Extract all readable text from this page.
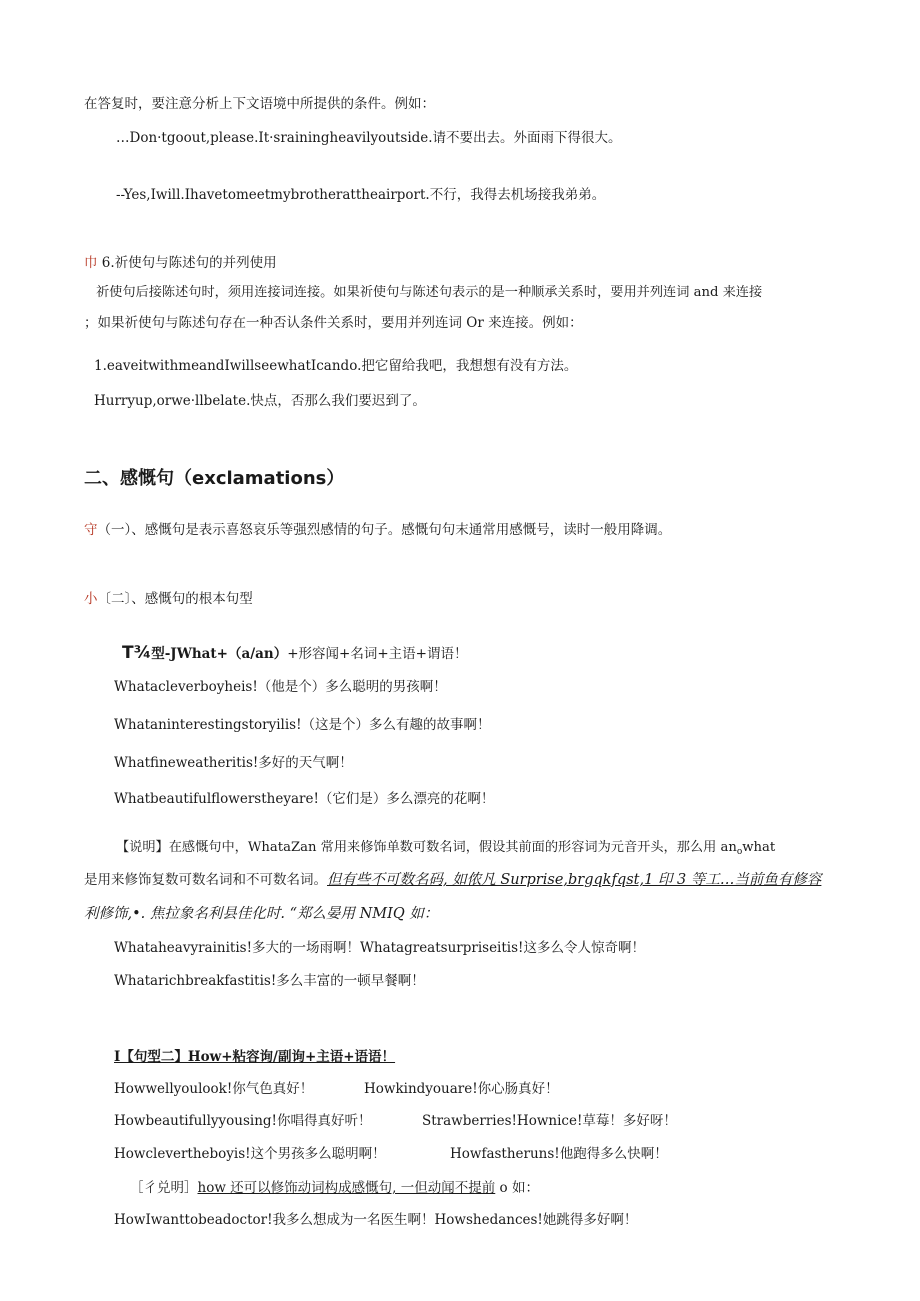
在答复时，要注意分析上下文语境中所提供的条件。例如：
…Don·tgoout,please.It·srainingheavilyoutside.请不要出去。外面雨下得很大。
--Yes,Iwill.Ihavetomeetmybrotherattheairport.不行，我得去机场接我弟弟。
巾 6.祈使句与陈述句的并列使用
祈使句后接陈述句时，须用连接词连接。如果祈使句与陈述句表示的是一种顺承关系时，要用并列连词 and 来连接
；如果祈使句与陈述句存在一种否认条件关系时，要用并列连词 Or 来连接。例如：
1.eaveitwithmeandIwillseewhatIcando.把它留给我吧，我想想有没有方法。
Hurryup,orwe·llbelate.快点，否那么我们要迟到了。
二、感慨句（exclamations）
守（一）、感慨句是表示喜怒哀乐等强烈感情的句子。感慨句句末通常用感慨号，读时一般用降调。
小〔二〕、感慨句的根本句型
T¾型-JWhat+（a/an）+形容闻+名词+主语+谓语！
Whatacleverboyheis!（他是个）多么聪明的男孩啊！
Whataninterestingstoryilis!（这是个）多么有趣的故事啊！
Whatfineweatheritis!多好的天气啊！
Whatbeautifulflowerstheyare!（它们是）多么漂亮的花啊！
【说明】在感慨句中，WhataZan 常用来修饰单数可数名词，假设其前面的形容词为元音开头，那么用 $an_owhat$
是用来修饰复数可数名词和不可数名词。但有些不可数名码, 如侬凡 Surprise,brgqkfqst,1 印 3 等工…当前鱼有修容
利修饰,•. 焦拉象名利县佳化时. “郑么晏用 NMIQ 如：
Whataheavyrainitis!多大的一场雨啊！Whatagreatsurpriseitis!这多么令人惊奇啊！
Whatarichbreakfastitis!多么丰富的一顿早餐啊！
I【句型二】How+粘容询/副询+主语+语语！
Howwellyoulook!你气色真好！	Howkindyouare!你心肠真好！
Howbeautifullyyousing!你唱得真好听！	Strawberries!Hownice!草莓！多好呀！
Howclevertheboyis!这个男孩多么聪明啊！	Howfastheruns!他跑得多么快啊！
［彳兑明］how 还可以修饰动词构成感慨句, 一但动闻不提前 o 如：
HowIwanttobeadoctor!我多么想成为一名医生啊！Howshedances!她跳得多好啊！
